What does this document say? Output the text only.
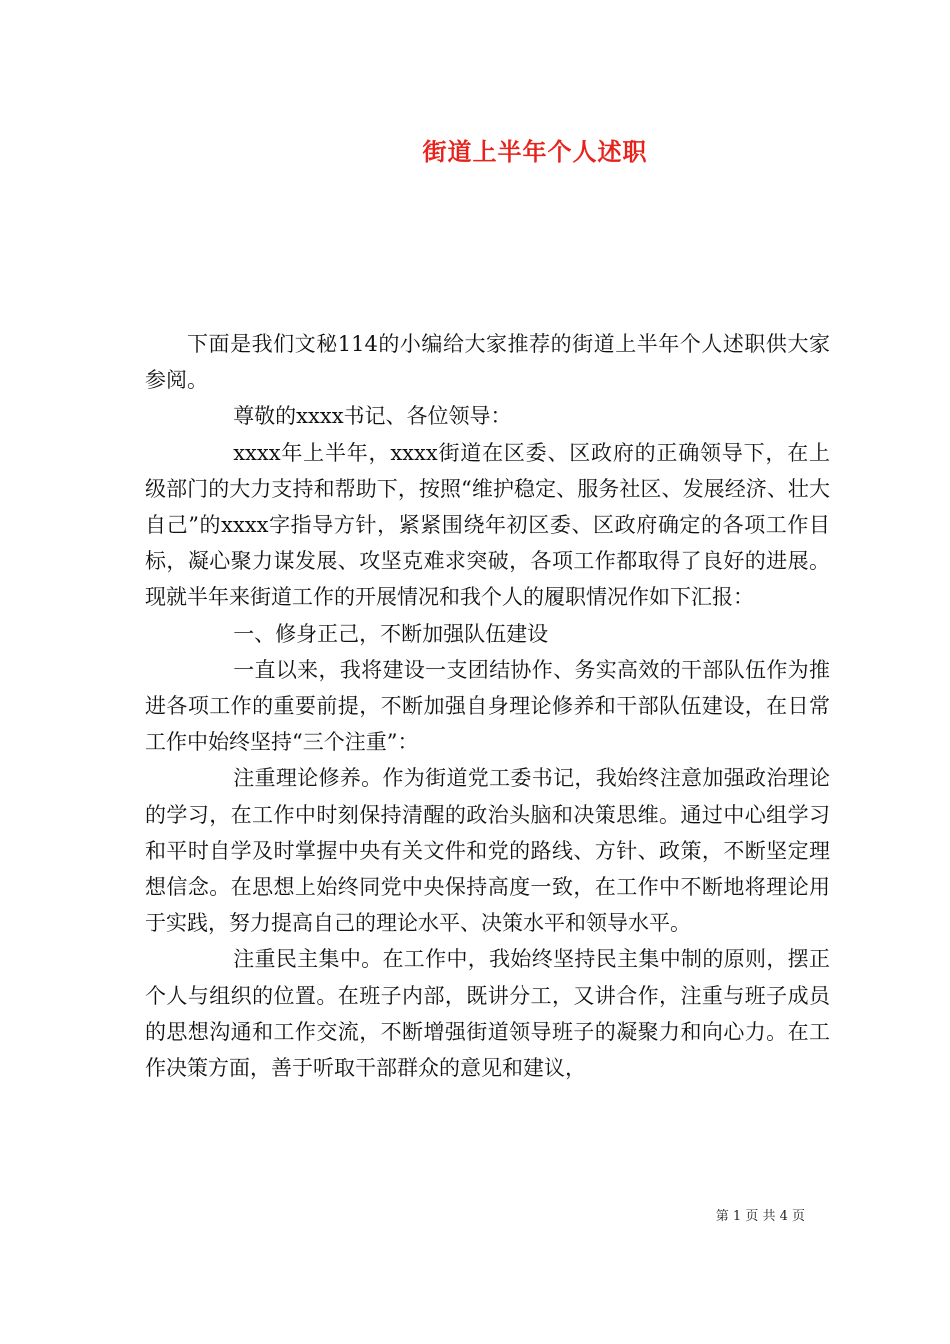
街道上半年个人述职

下面是我们文秘114的小编给大家推荐的街道上半年个人述职供大家参阅。

尊敬的xxxx书记、各位领导：

xxxx年上半年，xxxx街道在区委、区政府的正确领导下，在上级部门的大力支持和帮助下，按照“维护稳定、服务社区、发展经济、壮大自己”的xxxx字指导方针，紧紧围绕年初区委、区政府确定的各项工作目标，凝心聚力谋发展、攻坚克难求突破，各项工作都取得了良好的进展。现就半年来街道工作的开展情况和我个人的履职情况作如下汇报：

一、修身正己，不断加强队伍建设

一直以来，我将建设一支团结协作、务实高效的干部队伍作为推进各项工作的重要前提，不断加强自身理论修养和干部队伍建设，在日常工作中始终坚持“三个注重”：

注重理论修养。作为街道党工委书记，我始终注意加强政治理论的学习，在工作中时刻保持清醒的政治头脑和决策思维。通过中心组学习和平时自学及时掌握中央有关文件和党的路线、方针、政策，不断坚定理想信念。在思想上始终同党中央保持高度一致，在工作中不断地将理论用于实践，努力提高自己的理论水平、决策水平和领导水平。

注重民主集中。在工作中，我始终坚持民主集中制的原则，摆正个人与组织的位置。在班子内部，既讲分工，又讲合作，注重与班子成员的思想沟通和工作交流，不断增强街道领导班子的凝聚力和向心力。在工作决策方面，善于听取干部群众的意见和建议，

第 1 页 共 4 页
